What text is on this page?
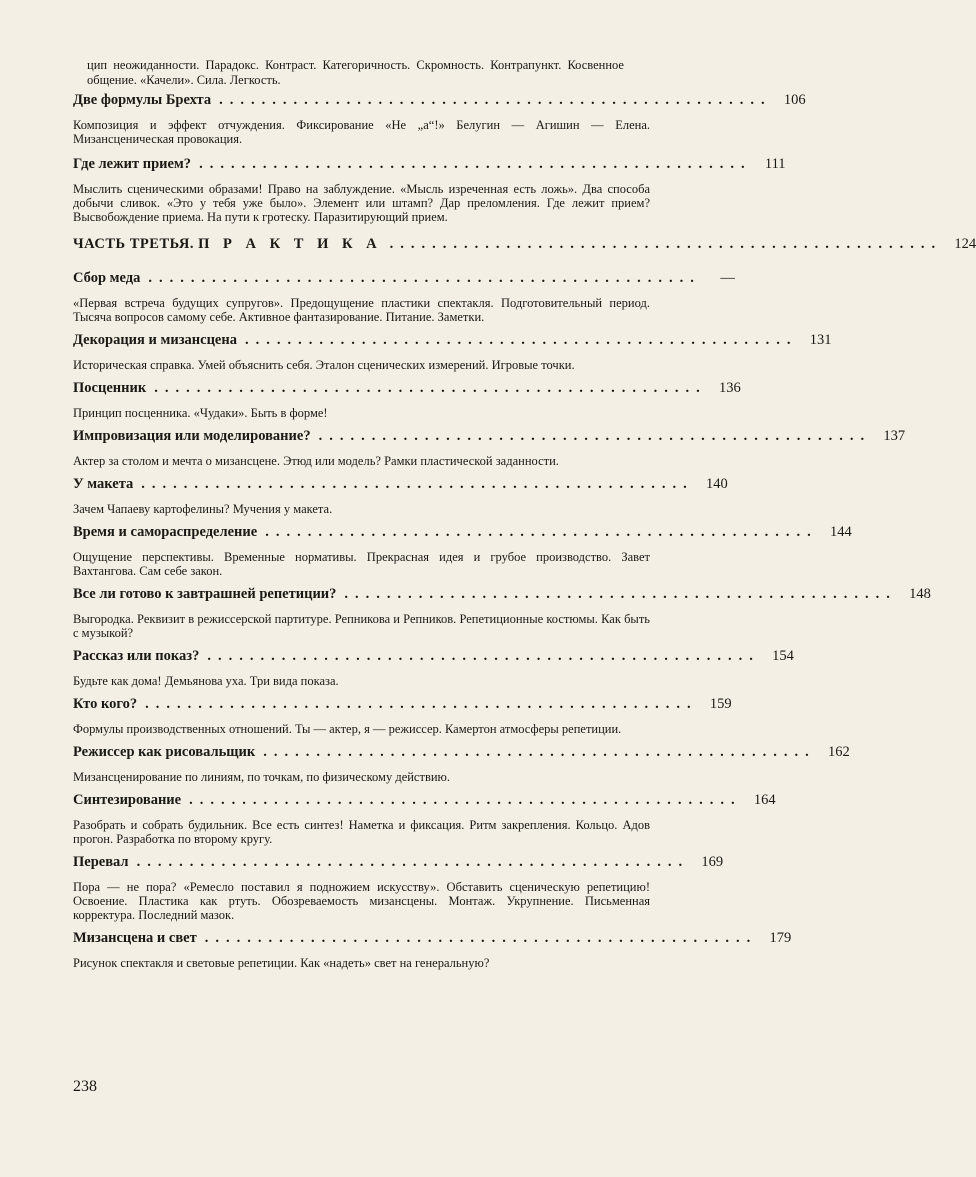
цип неожиданности. Парадокс. Контраст. Категоричность. Скромность. Контрапункт. Косвенное общение. «Качели». Сила. Легкость.
Две формулы Брехта .................................................... 106
Композиция и эффект отчуждения. Фиксирование «Не „а“!» Белугин — Агишин — Елена. Мизансценическая провокация.
Где лежит прием? .................................................... 111
Мыслить сценическими образами! Право на заблуждение. «Мысль изреченная есть ложь». Два способа добычи сливок. «Это у тебя уже было». Элемент или штамп? Дар преломления. Где лежит прием? Высвобождение приема. На пути к гротеску. Паразитирующий прием.
ЧАСТЬ ТРЕТЬЯ. П Р А К Т И К А .................................................... 124
Сбор меда ....................................................	—
«Первая встреча будущих супругов». Предощущение пластики спектакля. Подготовительный период. Тысяча вопросов самому себе. Активное фантазирование. Питание. Заметки.
Декорация и мизансцена .................................................... 131
Историческая справка. Умей объяснить себя. Эталон сценических измерений. Игровые точки.
Посценник .................................................... 136
Принцип посценника. «Чудаки». Быть в форме!
Импровизация или моделирование? .................................................... 137
Актер за столом и мечта о мизансцене. Этюд или модель? Рамки пластической заданности.
У макета .................................................... 140
Зачем Чапаеву картофелины? Мучения у макета.
Время и самораспределение .................................................... 144
Ощущение перспективы. Временные нормативы. Прекрасная идея и грубое производство. Завет Вахтангова. Сам себе закон.
Все ли готово к завтрашней репетиции? .................................................... 148
Выгородка. Реквизит в режиссерской партитуре. Репникова и Репников. Репетиционные костюмы. Как быть с музыкой?
Рассказ или показ? .................................................... 154
Будьте как дома! Демьянова уха. Три вида показа.
Кто кого? .................................................... 159
Формулы производственных отношений. Ты — актер, я — режиссер. Камертон атмосферы репетиции.
Режиссер как рисовальщик .................................................... 162
Мизансценирование по линиям, по точкам, по физическому действию.
Синтезирование .................................................... 164
Разобрать и собрать будильник. Все есть синтез! Наметка и фиксация. Ритм закрепления. Кольцо. Адов прогон. Разработка по второму кругу.
Перевал .................................................... 169
Пора — не пора? «Ремесло поставил я подножием искусству». Обставить сценическую репетицию! Освоение. Пластика как ртуть. Обозреваемость мизансцены. Монтаж. Укрупнение. Письменная корректура. Последний мазок.
Мизансцена и свет .................................................... 179
Рисунок спектакля и световые репетиции. Как «надеть» свет на генеральную?
238
